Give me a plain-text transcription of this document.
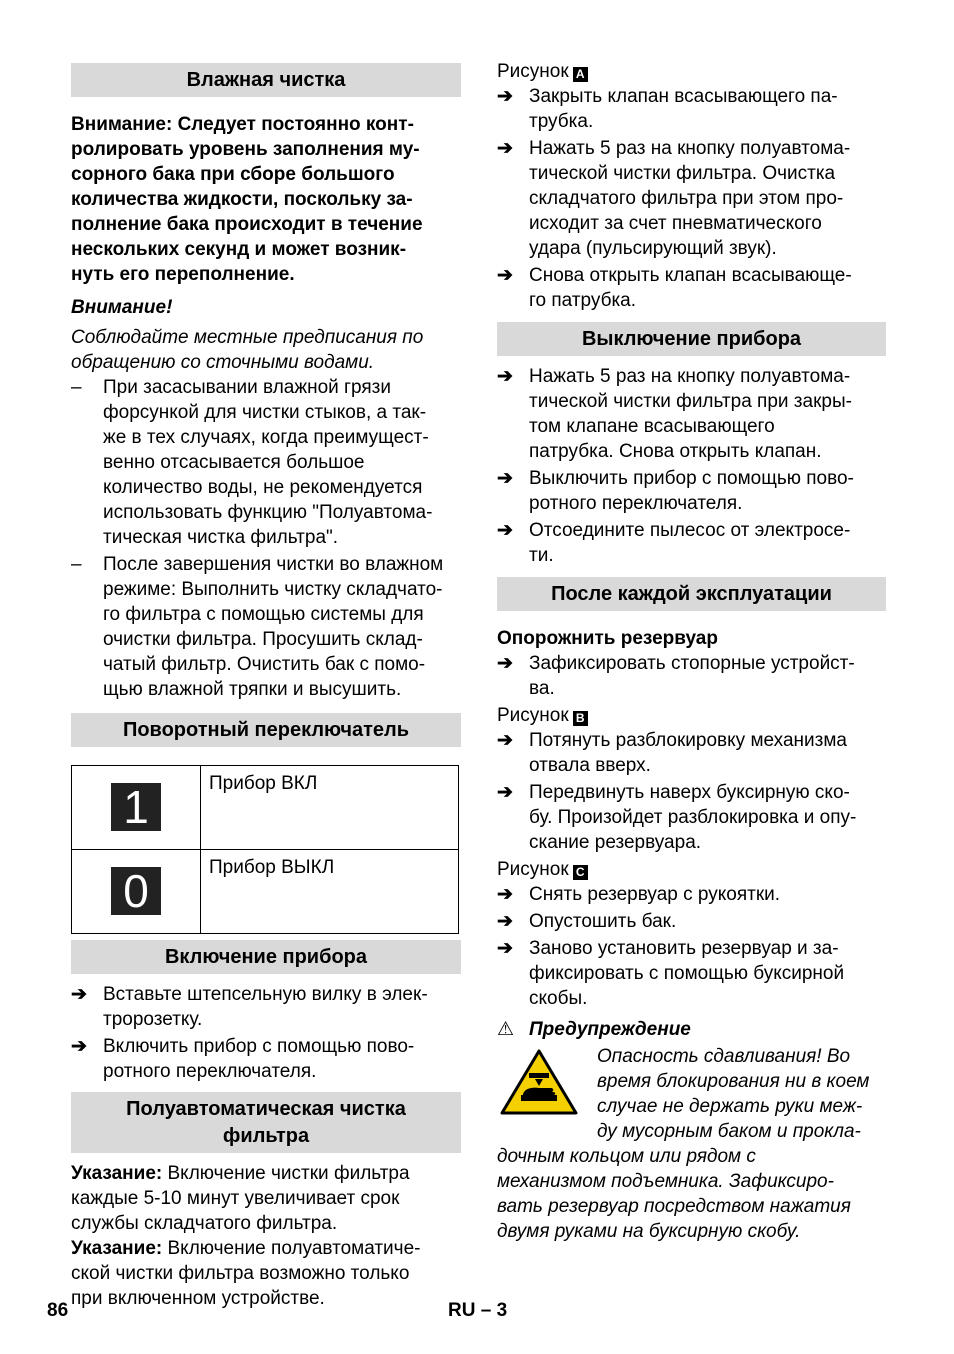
Влажная чистка

Внимание: Следует постоянно конт-
ролировать уровень заполнения му-
сорного бака при сборе большого
количества жидкости, поскольку за-
полнение бака происходит в течение
нескольких секунд и может возник-
нуть его переполнение.

Внимание!

Соблюдайте местные предписания по
обращению со сточными водами.

– При засасывании влажной грязи
форсункой для чистки стыков, а так-
же в тех случаях, когда преимущест-
венно отсасывается большое
количество воды, не рекомендуется
использовать функцию "Полуавтома-
тическая чистка фильтра".

– После завершения чистки во влажном
режиме: Выполнить чистку складчато-
го фильтра с помощью системы для
очистки фильтра. Просушить склад-
чатый фильтр. Очистить бак с помо-
щью влажной тряпки и высушить.

Поворотный переключатель
1	Прибор ВКЛ

0	Прибор ВЫКЛ
Включение прибора

➔ Вставьте штепсельную вилку в элек-
тророзетку.

➔ Включить прибор с помощью пово-
ротного переключателя.

Полуавтоматическая чистка
фильтра

Указание: Включение чистки фильтра
каждые 5-10 минут увеличивает срок
службы складчатого фильтра.

Указание: Включение полуавтоматиче-
ской чистки фильтра возможно только
при включенном устройстве.

Рисунок A

➔ Закрыть клапан всасывающего па-
трубка.

➔ Нажать 5 раз на кнопку полуавтома-
тической чистки фильтра. Очистка
складчатого фильтра при этом про-
исходит за счет пневматического
удара (пульсирующий звук).

➔ Снова открыть клапан всасывающе-
го патрубка.

Выключение прибора

➔ Нажать 5 раз на кнопку полуавтома-
тической чистки фильтра при закры-
том клапане всасывающего
патрубка. Снова открыть клапан.

➔ Выключить прибор с помощью пово-
ротного переключателя.

➔ Отсоедините пылесос от электросе-
ти.

После каждой эксплуатации

Опорожнить резервуар

➔ Зафиксировать стопорные устройст-
ва.

Рисунок B

➔ Потянуть разблокировку механизма
отвала вверх.

➔ Передвинуть наверх буксирную ско-
бу. Произойдет разблокировка и опу-
скание резервуара.

Рисунок C

➔ Снять резервуар с рукоятки.

➔ Опустошить бак.

➔ Заново установить резервуар и за-
фиксировать с помощью буксирной
скобы.

⚠ Предупреждение

Опасность сдавливания! Во
время блокирования ни в коем
случае не держать руки меж-
ду мусорным баком и прокла-

дочным кольцом или рядом с
механизмом подъемника. Зафиксиро-
вать резервуар посредством нажатия
двумя руками на буксирную скобу.

86	RU – 3
